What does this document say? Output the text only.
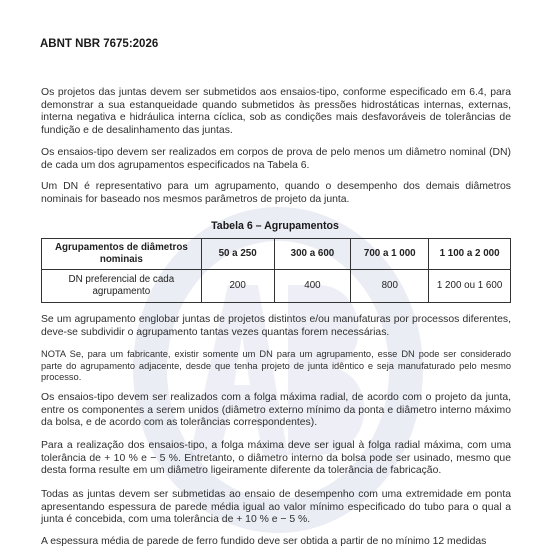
ABNT NBR 7675:2026
Os projetos das juntas devem ser submetidos aos ensaios-tipo, conforme especificado em 6.4, para demonstrar a sua estanqueidade quando submetidos às pressões hidrostáticas internas, externas, interna negativa e hidráulica interna cíclica, sob as condições mais desfavoráveis de tolerâncias de fundição e de desalinhamento das juntas.
Os ensaios-tipo devem ser realizados em corpos de prova de pelo menos um diâmetro nominal (DN) de cada um dos agrupamentos especificados na Tabela 6.
Um DN é representativo para um agrupamento, quando o desempenho dos demais diâmetros nominais for baseado nos mesmos parâmetros de projeto da junta.
Tabela 6 – Agrupamentos
Agrupamentos de diâmetros nominais	50 a 250	300 a 600	700 a 1 000	1 100 a 2 000
DN preferencial de cada agrupamento	200	400	800	1 200 ou 1 600
Se um agrupamento englobar juntas de projetos distintos e/ou manufaturas por processos diferentes, deve-se subdividir o agrupamento tantas vezes quantas forem necessárias.
NOTA Se, para um fabricante, existir somente um DN para um agrupamento, esse DN pode ser considerado parte do agrupamento adjacente, desde que tenha projeto de junta idêntico e seja manufaturado pelo mesmo processo.
Os ensaios-tipo devem ser realizados com a folga máxima radial, de acordo com o projeto da junta, entre os componentes a serem unidos (diâmetro externo mínimo da ponta e diâmetro interno máximo da bolsa, e de acordo com as tolerâncias correspondentes).
Para a realização dos ensaios-tipo, a folga máxima deve ser igual à folga radial máxima, com uma tolerância de + 10 % e − 5 %. Entretanto, o diâmetro interno da bolsa pode ser usinado, mesmo que desta forma resulte em um diâmetro ligeiramente diferente da tolerância de fabricação.
Todas as juntas devem ser submetidas ao ensaio de desempenho com uma extremidade em ponta apresentando espessura de parede média igual ao valor mínimo especificado do tubo para o qual a junta é concebida, com uma tolerância de + 10 % e − 5 %.
A espessura média de parede de ferro fundido deve ser obtida a partir de no mínimo 12 medidas
